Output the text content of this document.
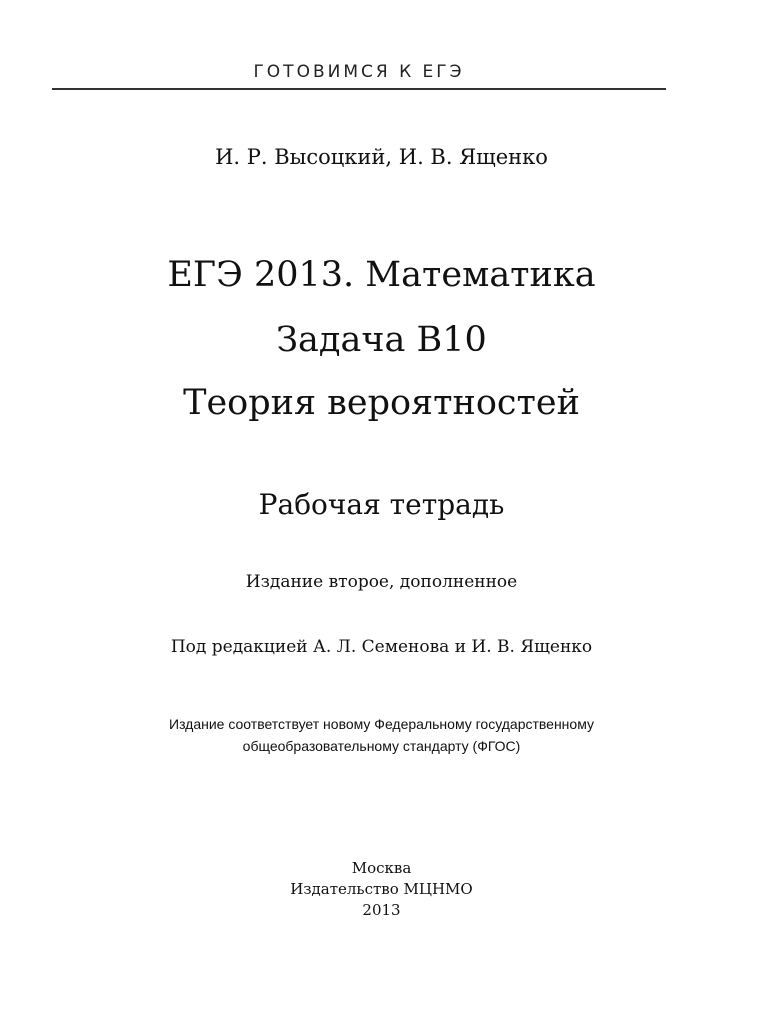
ГОТОВИМСЯ К ЕГЭ
И. Р. Высоцкий, И. В. Ященко
ЕГЭ 2013. Математика
Задача В10
Теория вероятностей
Рабочая тетрадь
Издание второе, дополненное
Под редакцией А. Л. Семенова и И. В. Ященко
Издание соответствует новому Федеральному государственному
общеобразовательному стандарту (ФГОС)
Москва
Издательство МЦНМО
2013
